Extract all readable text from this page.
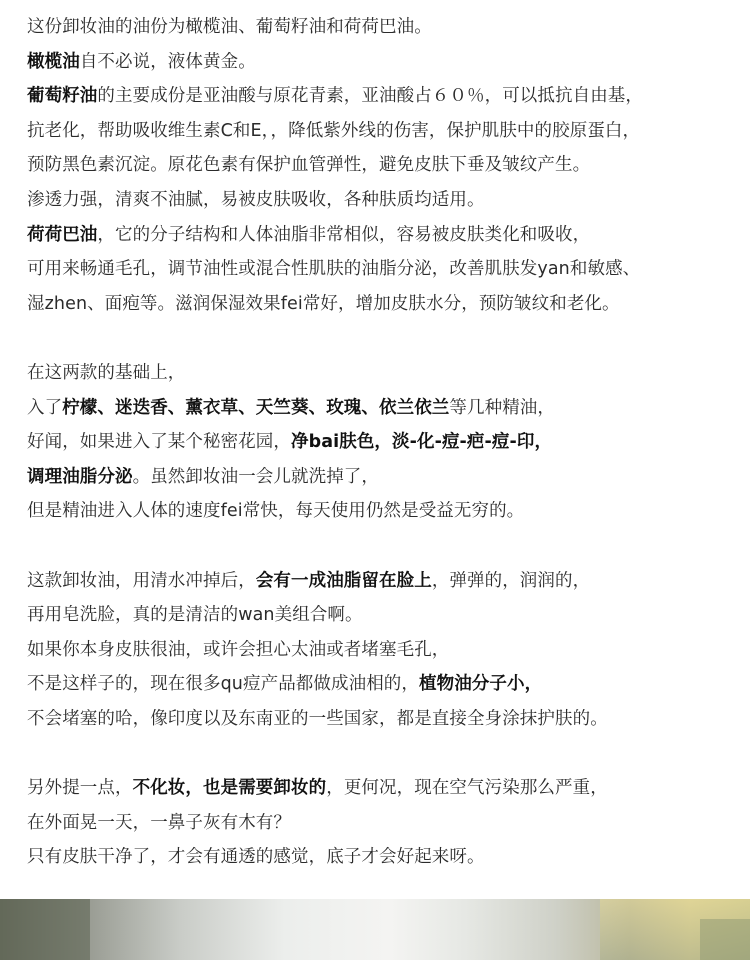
这份卸妆油的油份为橄榄油、葡萄籽油和荷荷巴油。
橄榄油自不必说，液体黄金。
葡萄籽油的主要成份是亚油酸与原花青素，亚油酸占６０％，可以抵抗自由基，
抗老化，帮助吸收维生素C和E，，降低紫外线的伤害，保护肌肤中的胶原蛋白，
预防黑色素沉淀。原花色素有保护血管弹性，避免皮肤下垂及皱纹产生。
渗透力强，清爽不油腻，易被皮肤吸收，各种肤质均适用。
荷荷巴油，它的分子结构和人体油脂非常相似，容易被皮肤类化和吸收，
可用来畅通毛孔，调节油性或混合性肌肤的油脂分泌，改善肌肤发yan和敏感、
湿zhen、面疱等。滋润保湿效果fei常好，增加皮肤水分，预防皱纹和老化。
在这两款的基础上，
入了柠檬、迷迭香、薰衣草、天竺葵、玫瑰、依兰依兰等几种精油，
好闻，如果进入了某个秘密花园，净bai肤色，淡-化-痘-疤-痘-印，
调理油脂分泌。虽然卸妆油一会儿就洗掉了，
但是精油进入人体的速度fei常快，每天使用仍然是受益无穷的。
这款卸妆油，用清水冲掉后，会有一成油脂留在脸上，弹弹的，润润的，
再用皂洗脸，真的是清洁的wan美组合啊。
如果你本身皮肤很油，或许会担心太油或者堵塞毛孔，
不是这样子的，现在很多qu痘产品都做成油相的，植物油分子小，
不会堵塞的哈，像印度以及东南亚的一些国家，都是直接全身涂抹护肤的。
另外提一点，不化妆，也是需要卸妆的，更何况，现在空气污染那么严重，
在外面晃一天，一鼻子灰有木有？
只有皮肤干净了，才会有通透的感觉，底子才会好起来呀。
